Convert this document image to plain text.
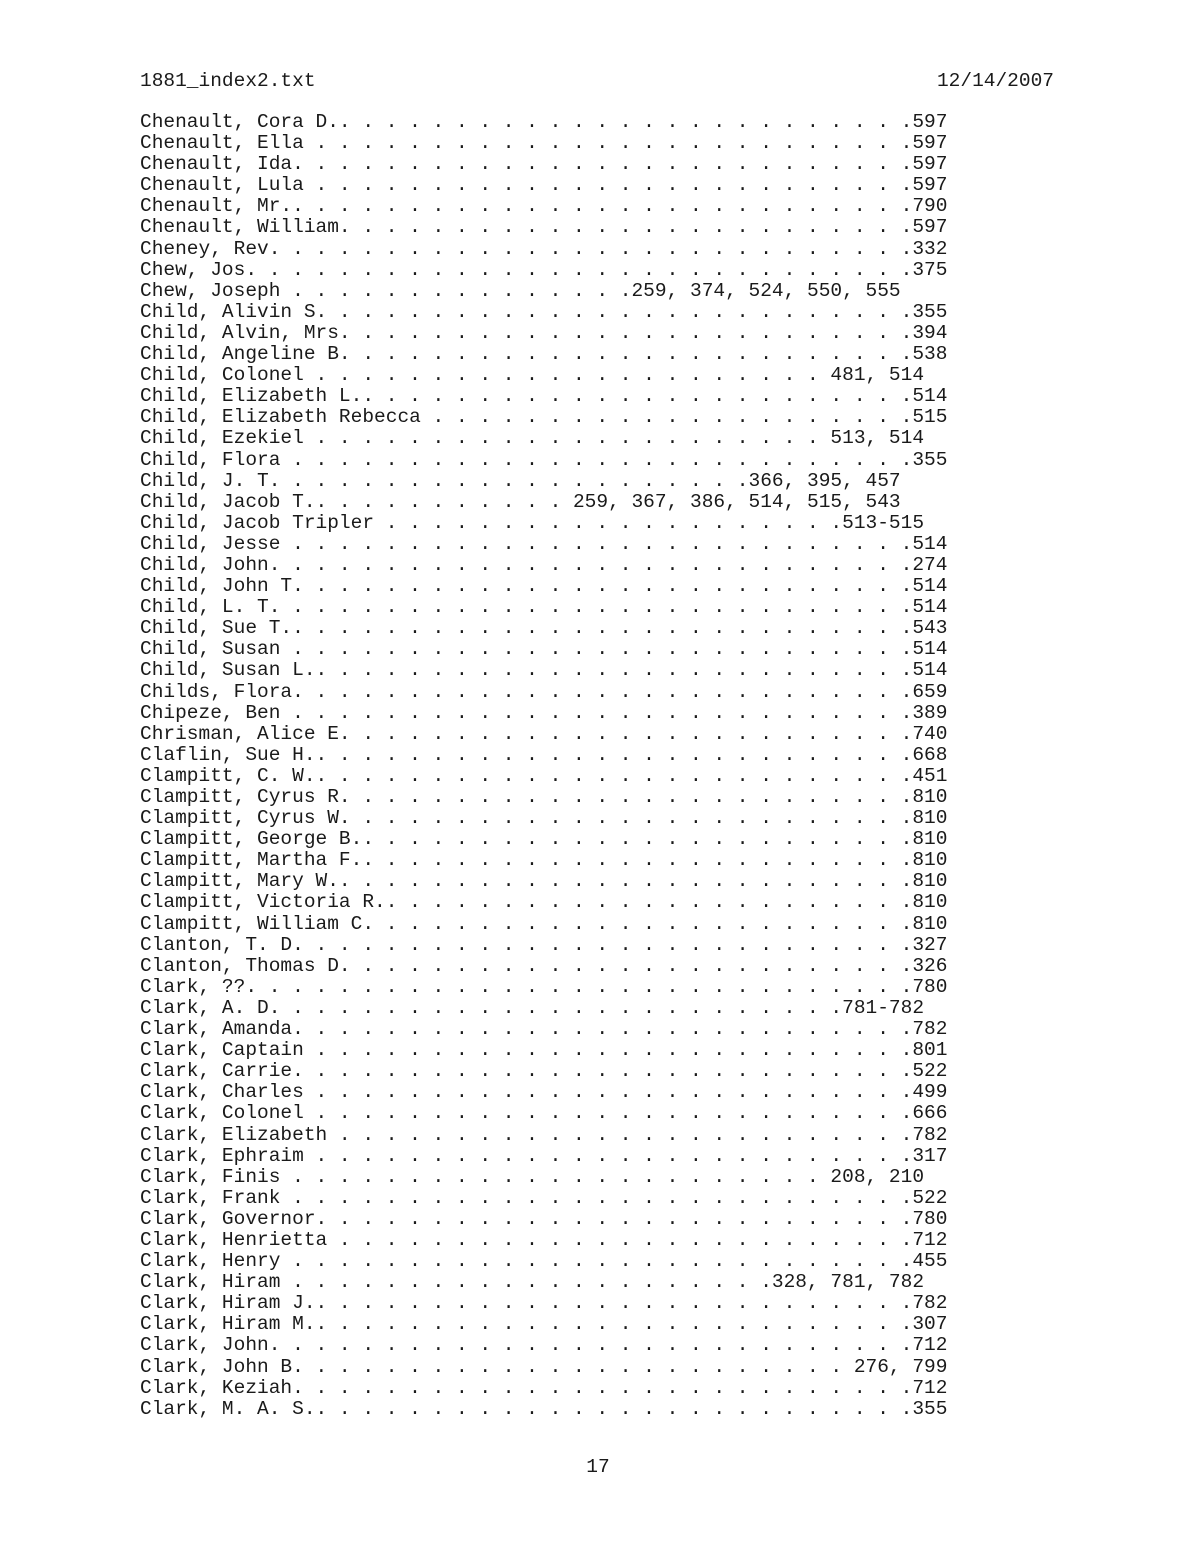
1881_index2.txt	12/14/2007
Chenault, Cora D.. . . . . . . . . . . . . . . . . . . . . . . . .597
Chenault, Ella . . . . . . . . . . . . . . . . . . . . . . . . . .597
Chenault, Ida. . . . . . . . . . . . . . . . . . . . . . . . . . .597
Chenault, Lula . . . . . . . . . . . . . . . . . . . . . . . . . .597
Chenault, Mr.. . . . . . . . . . . . . . . . . . . . . . . . . . .790
Chenault, William. . . . . . . . . . . . . . . . . . . . . . . . .597
Cheney, Rev. . . . . . . . . . . . . . . . . . . . . . . . . . . .332
Chew, Jos. . . . . . . . . . . . . . . . . . . . . . . . . . . . .375
Chew, Joseph . . . . . . . . . . . . . . .259, 374, 524, 550, 555
Child, Alivin S. . . . . . . . . . . . . . . . . . . . . . . . . .355
Child, Alvin, Mrs. . . . . . . . . . . . . . . . . . . . . . . . .394
Child, Angeline B. . . . . . . . . . . . . . . . . . . . . . . . .538
Child, Colonel . . . . . . . . . . . . . . . . . . . . . . 481, 514
Child, Elizabeth L.. . . . . . . . . . . . . . . . . . . . . . . .514
Child, Elizabeth Rebecca . . . . . . . . . . . . . . . . . . . . .515
Child, Ezekiel . . . . . . . . . . . . . . . . . . . . . . 513, 514
Child, Flora . . . . . . . . . . . . . . . . . . . . . . . . . . .355
Child, J. T. . . . . . . . . . . . . . . . . . . . .366, 395, 457
Child, Jacob T.. . . . . . . . . . . 259, 367, 386, 514, 515, 543
Child, Jacob Tripler . . . . . . . . . . . . . . . . . . . .513-515
Child, Jesse . . . . . . . . . . . . . . . . . . . . . . . . . . .514
Child, John. . . . . . . . . . . . . . . . . . . . . . . . . . . .274
Child, John T. . . . . . . . . . . . . . . . . . . . . . . . . . .514
Child, L. T. . . . . . . . . . . . . . . . . . . . . . . . . . . .514
Child, Sue T.. . . . . . . . . . . . . . . . . . . . . . . . . . .543
Child, Susan . . . . . . . . . . . . . . . . . . . . . . . . . . .514
Child, Susan L.. . . . . . . . . . . . . . . . . . . . . . . . . .514
Childs, Flora. . . . . . . . . . . . . . . . . . . . . . . . . . .659
Chipeze, Ben . . . . . . . . . . . . . . . . . . . . . . . . . . .389
Chrisman, Alice E. . . . . . . . . . . . . . . . . . . . . . . . .740
Claflin, Sue H.. . . . . . . . . . . . . . . . . . . . . . . . . .668
Clampitt, C. W.. . . . . . . . . . . . . . . . . . . . . . . . . .451
Clampitt, Cyrus R. . . . . . . . . . . . . . . . . . . . . . . . .810
Clampitt, Cyrus W. . . . . . . . . . . . . . . . . . . . . . . . .810
Clampitt, George B.. . . . . . . . . . . . . . . . . . . . . . . .810
Clampitt, Martha F.. . . . . . . . . . . . . . . . . . . . . . . .810
Clampitt, Mary W.. . . . . . . . . . . . . . . . . . . . . . . . .810
Clampitt, Victoria R.. . . . . . . . . . . . . . . . . . . . . . .810
Clampitt, William C. . . . . . . . . . . . . . . . . . . . . . . .810
Clanton, T. D. . . . . . . . . . . . . . . . . . . . . . . . . . .327
Clanton, Thomas D. . . . . . . . . . . . . . . . . . . . . . . . .326
Clark, ??. . . . . . . . . . . . . . . . . . . . . . . . . . . . .780
Clark, A. D. . . . . . . . . . . . . . . . . . . . . . . . .781-782
Clark, Amanda. . . . . . . . . . . . . . . . . . . . . . . . . . .782
Clark, Captain . . . . . . . . . . . . . . . . . . . . . . . . . .801
Clark, Carrie. . . . . . . . . . . . . . . . . . . . . . . . . . .522
Clark, Charles . . . . . . . . . . . . . . . . . . . . . . . . . .499
Clark, Colonel . . . . . . . . . . . . . . . . . . . . . . . . . .666
Clark, Elizabeth . . . . . . . . . . . . . . . . . . . . . . . . .782
Clark, Ephraim . . . . . . . . . . . . . . . . . . . . . . . . . .317
Clark, Finis . . . . . . . . . . . . . . . . . . . . . . . 208, 210
Clark, Frank . . . . . . . . . . . . . . . . . . . . . . . . . . .522
Clark, Governor. . . . . . . . . . . . . . . . . . . . . . . . . .780
Clark, Henrietta . . . . . . . . . . . . . . . . . . . . . . . . .712
Clark, Henry . . . . . . . . . . . . . . . . . . . . . . . . . . .455
Clark, Hiram . . . . . . . . . . . . . . . . . . . . .328, 781, 782
Clark, Hiram J.. . . . . . . . . . . . . . . . . . . . . . . . . .782
Clark, Hiram M.. . . . . . . . . . . . . . . . . . . . . . . . . .307
Clark, John. . . . . . . . . . . . . . . . . . . . . . . . . . . .712
Clark, John B. . . . . . . . . . . . . . . . . . . . . . . . 276, 799
Clark, Keziah. . . . . . . . . . . . . . . . . . . . . . . . . . .712
Clark, M. A. S.. . . . . . . . . . . . . . . . . . . . . . . . . .355
17
